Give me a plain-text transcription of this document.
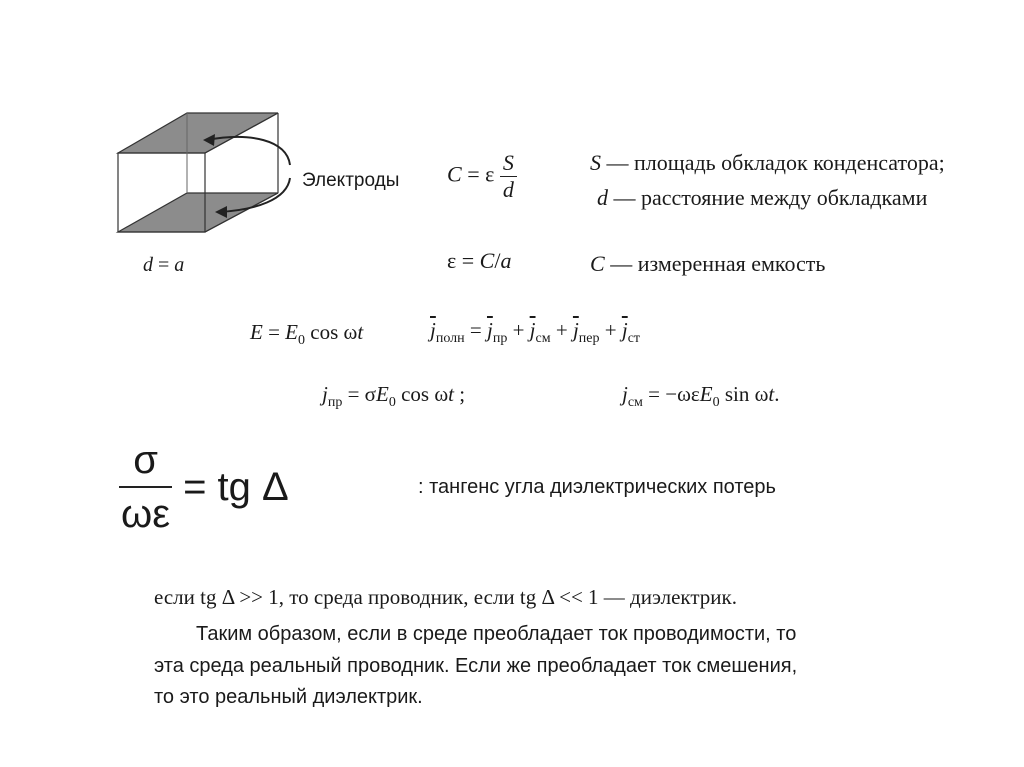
Электроды
d = a
C = ε $\frac{S}{d}$	S — площадь обкладок конденсатора;
d — расстояние между обкладками
ε = C/a	C — измеренная емкость
$E = E_0$ cos ωt	$\overline{j}_{полн} = \overline{j}_{пр} + \overline{j}_{см} + \overline{j}_{пер} + \overline{j}_{ст}$
$j_{пр} = \sigma E_0$ cos ωt ;	$j_{см} = -\omega\varepsilon E_0$ sin ωt.
$\frac{\sigma}{\omega\varepsilon}$ = tg Δ	: тангенс угла диэлектрических потерь
если tg Δ >> 1, то среда проводник, если tg Δ << 1 — диэлектрик.
Таким образом, если в среде преобладает ток проводимости, то
эта среда реальный проводник. Если же преобладает ток смешения,
то это реальный диэлектрик.
